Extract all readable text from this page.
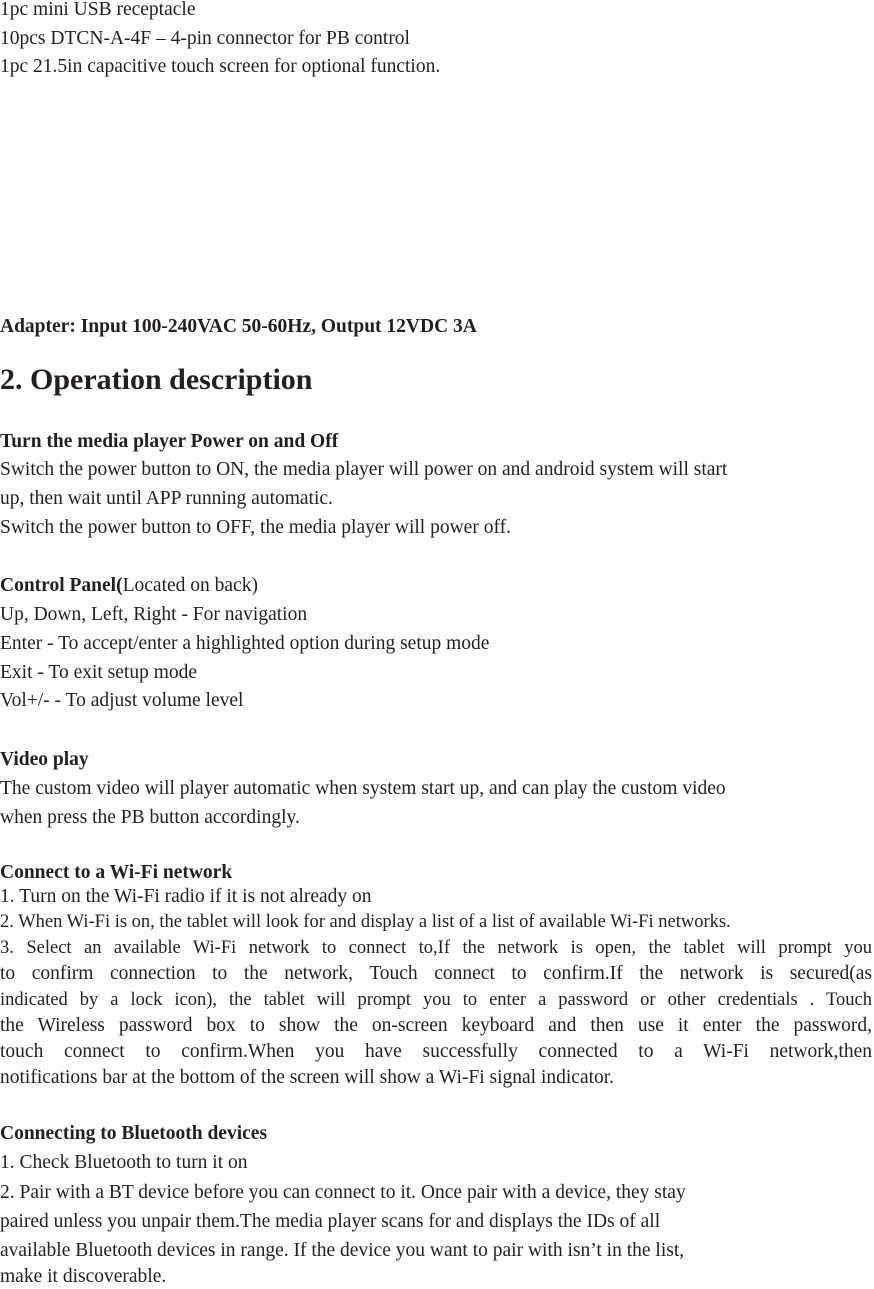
1pc mini USB receptacle
10pcs DTCN-A-4F – 4-pin connector for PB control
1pc 21.5in capacitive touch screen for optional function.
Adapter: Input 100-240VAC 50-60Hz, Output 12VDC 3A
2. Operation description
Turn the media player Power on and Off
Switch the power button to ON, the media player will power on and android system will start
up, then wait until APP running automatic.
Switch the power button to OFF, the media player will power off.
Control Panel(Located on back)
Up, Down, Left, Right - For navigation
Enter - To accept/enter a highlighted option during setup mode
Exit - To exit setup mode
Vol+/- - To adjust volume level
Video play
The custom video will player automatic when system start up, and can play the custom video
when press the PB button accordingly.
Connect to a Wi-Fi network
1. Turn on the Wi-Fi radio if it is not already on
2. When Wi-Fi is on, the tablet will look for and display a list of a list of available Wi-Fi networks.
3. Select an available Wi-Fi network to connect to,If the network is open, the tablet will prompt you
to confirm connection to the network, Touch connect to confirm.If the network is secured(as
indicated by a lock icon), the tablet will prompt you to enter a password or other credentials . Touch
the Wireless password box to show the on-screen keyboard and then use it enter the password,
touch connect to confirm.When you have successfully connected to a Wi-Fi network,then
notifications bar at the bottom of the screen will show a Wi-Fi signal indicator.
Connecting to Bluetooth devices
1. Check Bluetooth to turn it on
2. Pair with a BT device before you can connect to it. Once pair with a device, they stay
paired unless you unpair them.The media player scans for and displays the IDs of all
available Bluetooth devices in range. If the device you want to pair with isn’t in the list,
make it discoverable.
